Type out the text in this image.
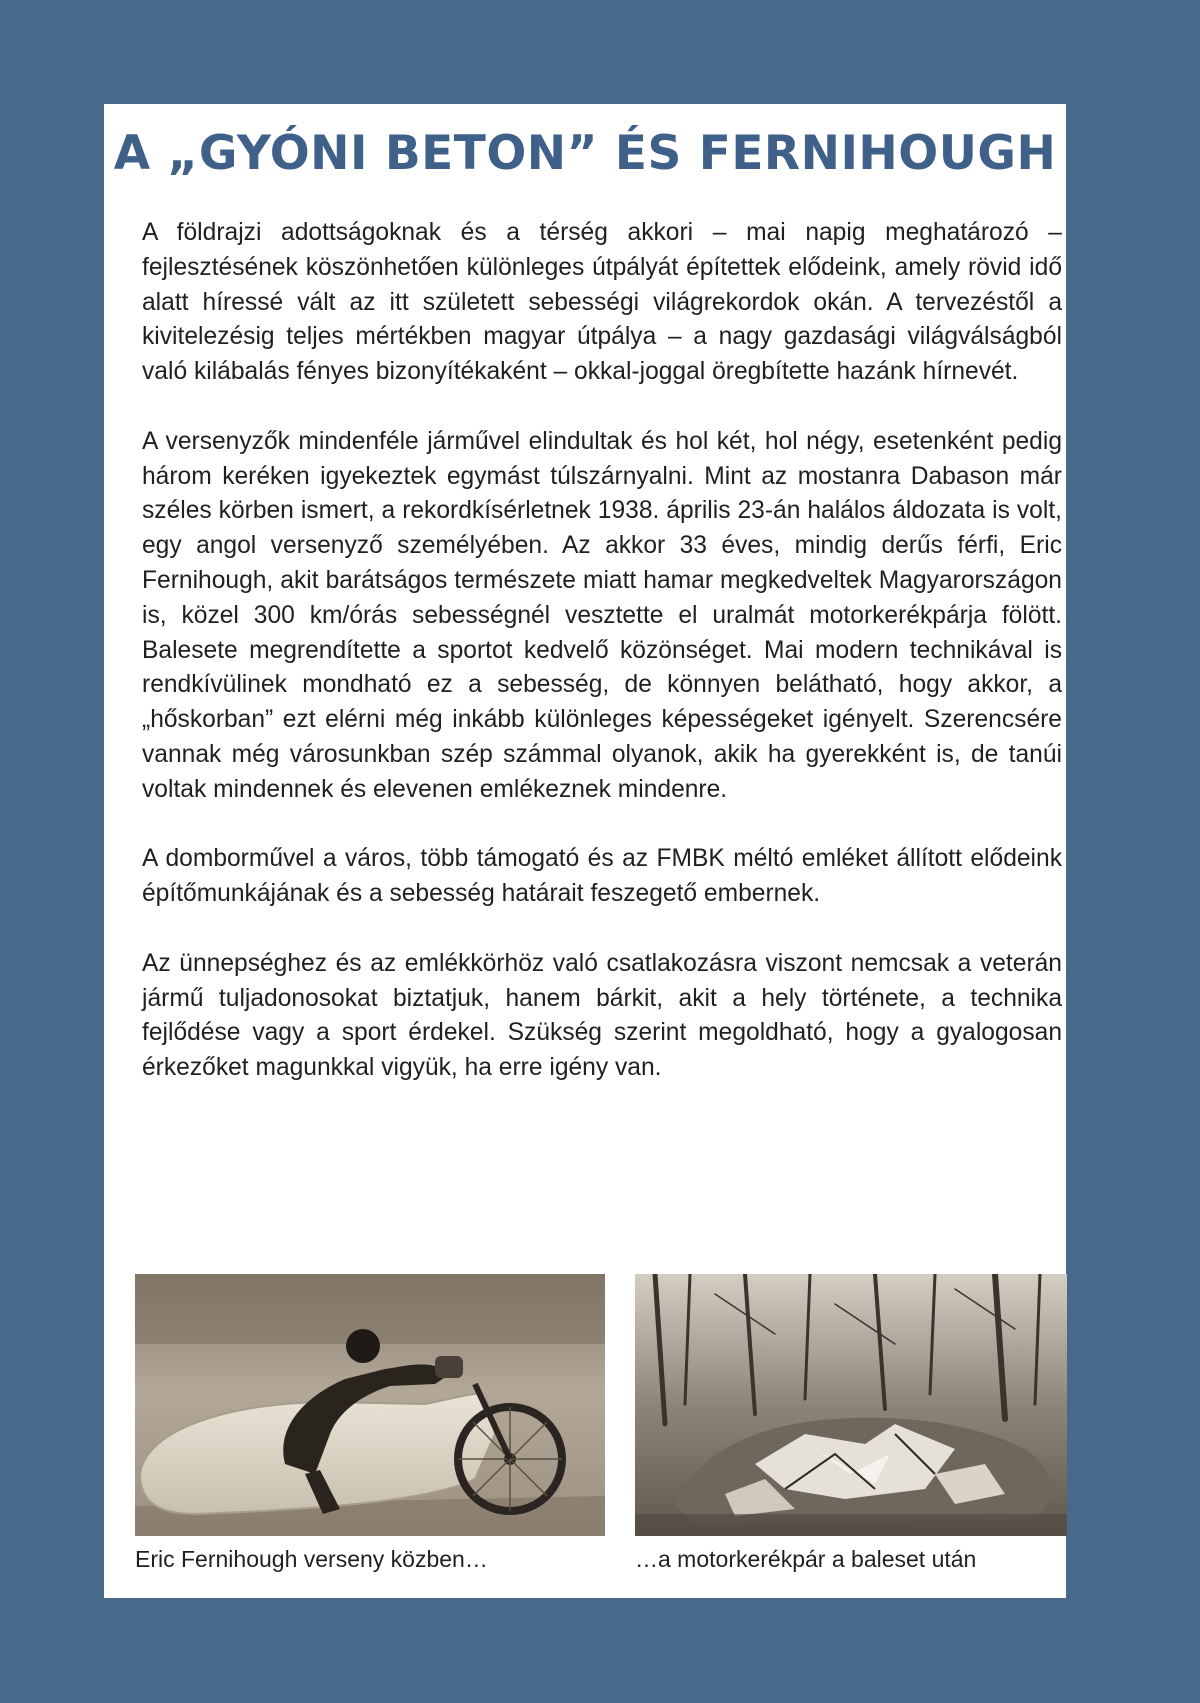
A „GYÓNI BETON” ÉS FERNIHOUGH

A földrajzi adottságoknak és a térség akkori – mai napig meghatározó – fejlesztésének köszönhetően különleges útpályát építettek elődeink, amely rövid idő alatt híressé vált az itt született sebességi világrekordok okán. A tervezéstől a kivitelezésig teljes mértékben magyar útpálya – a nagy gazdasági világválságból való kilábalás fényes bizonyítékaként – okkal-joggal öregbítette hazánk hírnevét.

A versenyzők mindenféle járművel elindultak és hol két, hol négy, esetenként pedig három keréken igyekeztek egymást túlszárnyalni. Mint az mostanra Dabason már széles körben ismert, a rekordkísérletnek 1938. április 23-án halálos áldozata is volt, egy angol versenyző személyében. Az akkor 33 éves, mindig derűs férfi, Eric Fernihough, akit barátságos természete miatt hamar megkedveltek Magyarországon is, közel 300 km/órás sebességnél vesztette el uralmát motorkerékpárja fölött. Balesete megrendítette a sportot kedvelő közönséget. Mai modern technikával is rendkívülinek mondható ez a sebesség, de könnyen belátható, hogy akkor, a „hőskorban” ezt elérni még inkább különleges képességeket igényelt. Szerencsére vannak még városunkban szép számmal olyanok, akik ha gyerekként is, de tanúi voltak mindennek és elevenen emlékeznek mindenre.

A domborművel a város, több támogató és az FMBK méltó emléket állított elődeink építőmunkájának és a sebesség határait feszegető embernek.

Az ünnepséghez és az emlékkörhöz való csatlakozásra viszont nemcsak a veterán jármű tuljadonosokat biztatjuk, hanem bárkit, akit a hely története, a technika fejlődése vagy a sport érdekel. Szükség szerint megoldható, hogy a gyalogosan érkezőket magunkkal vigyük, ha erre igény van.

Eric Fernihough verseny közben…	…a motorkerékpár a baleset után
